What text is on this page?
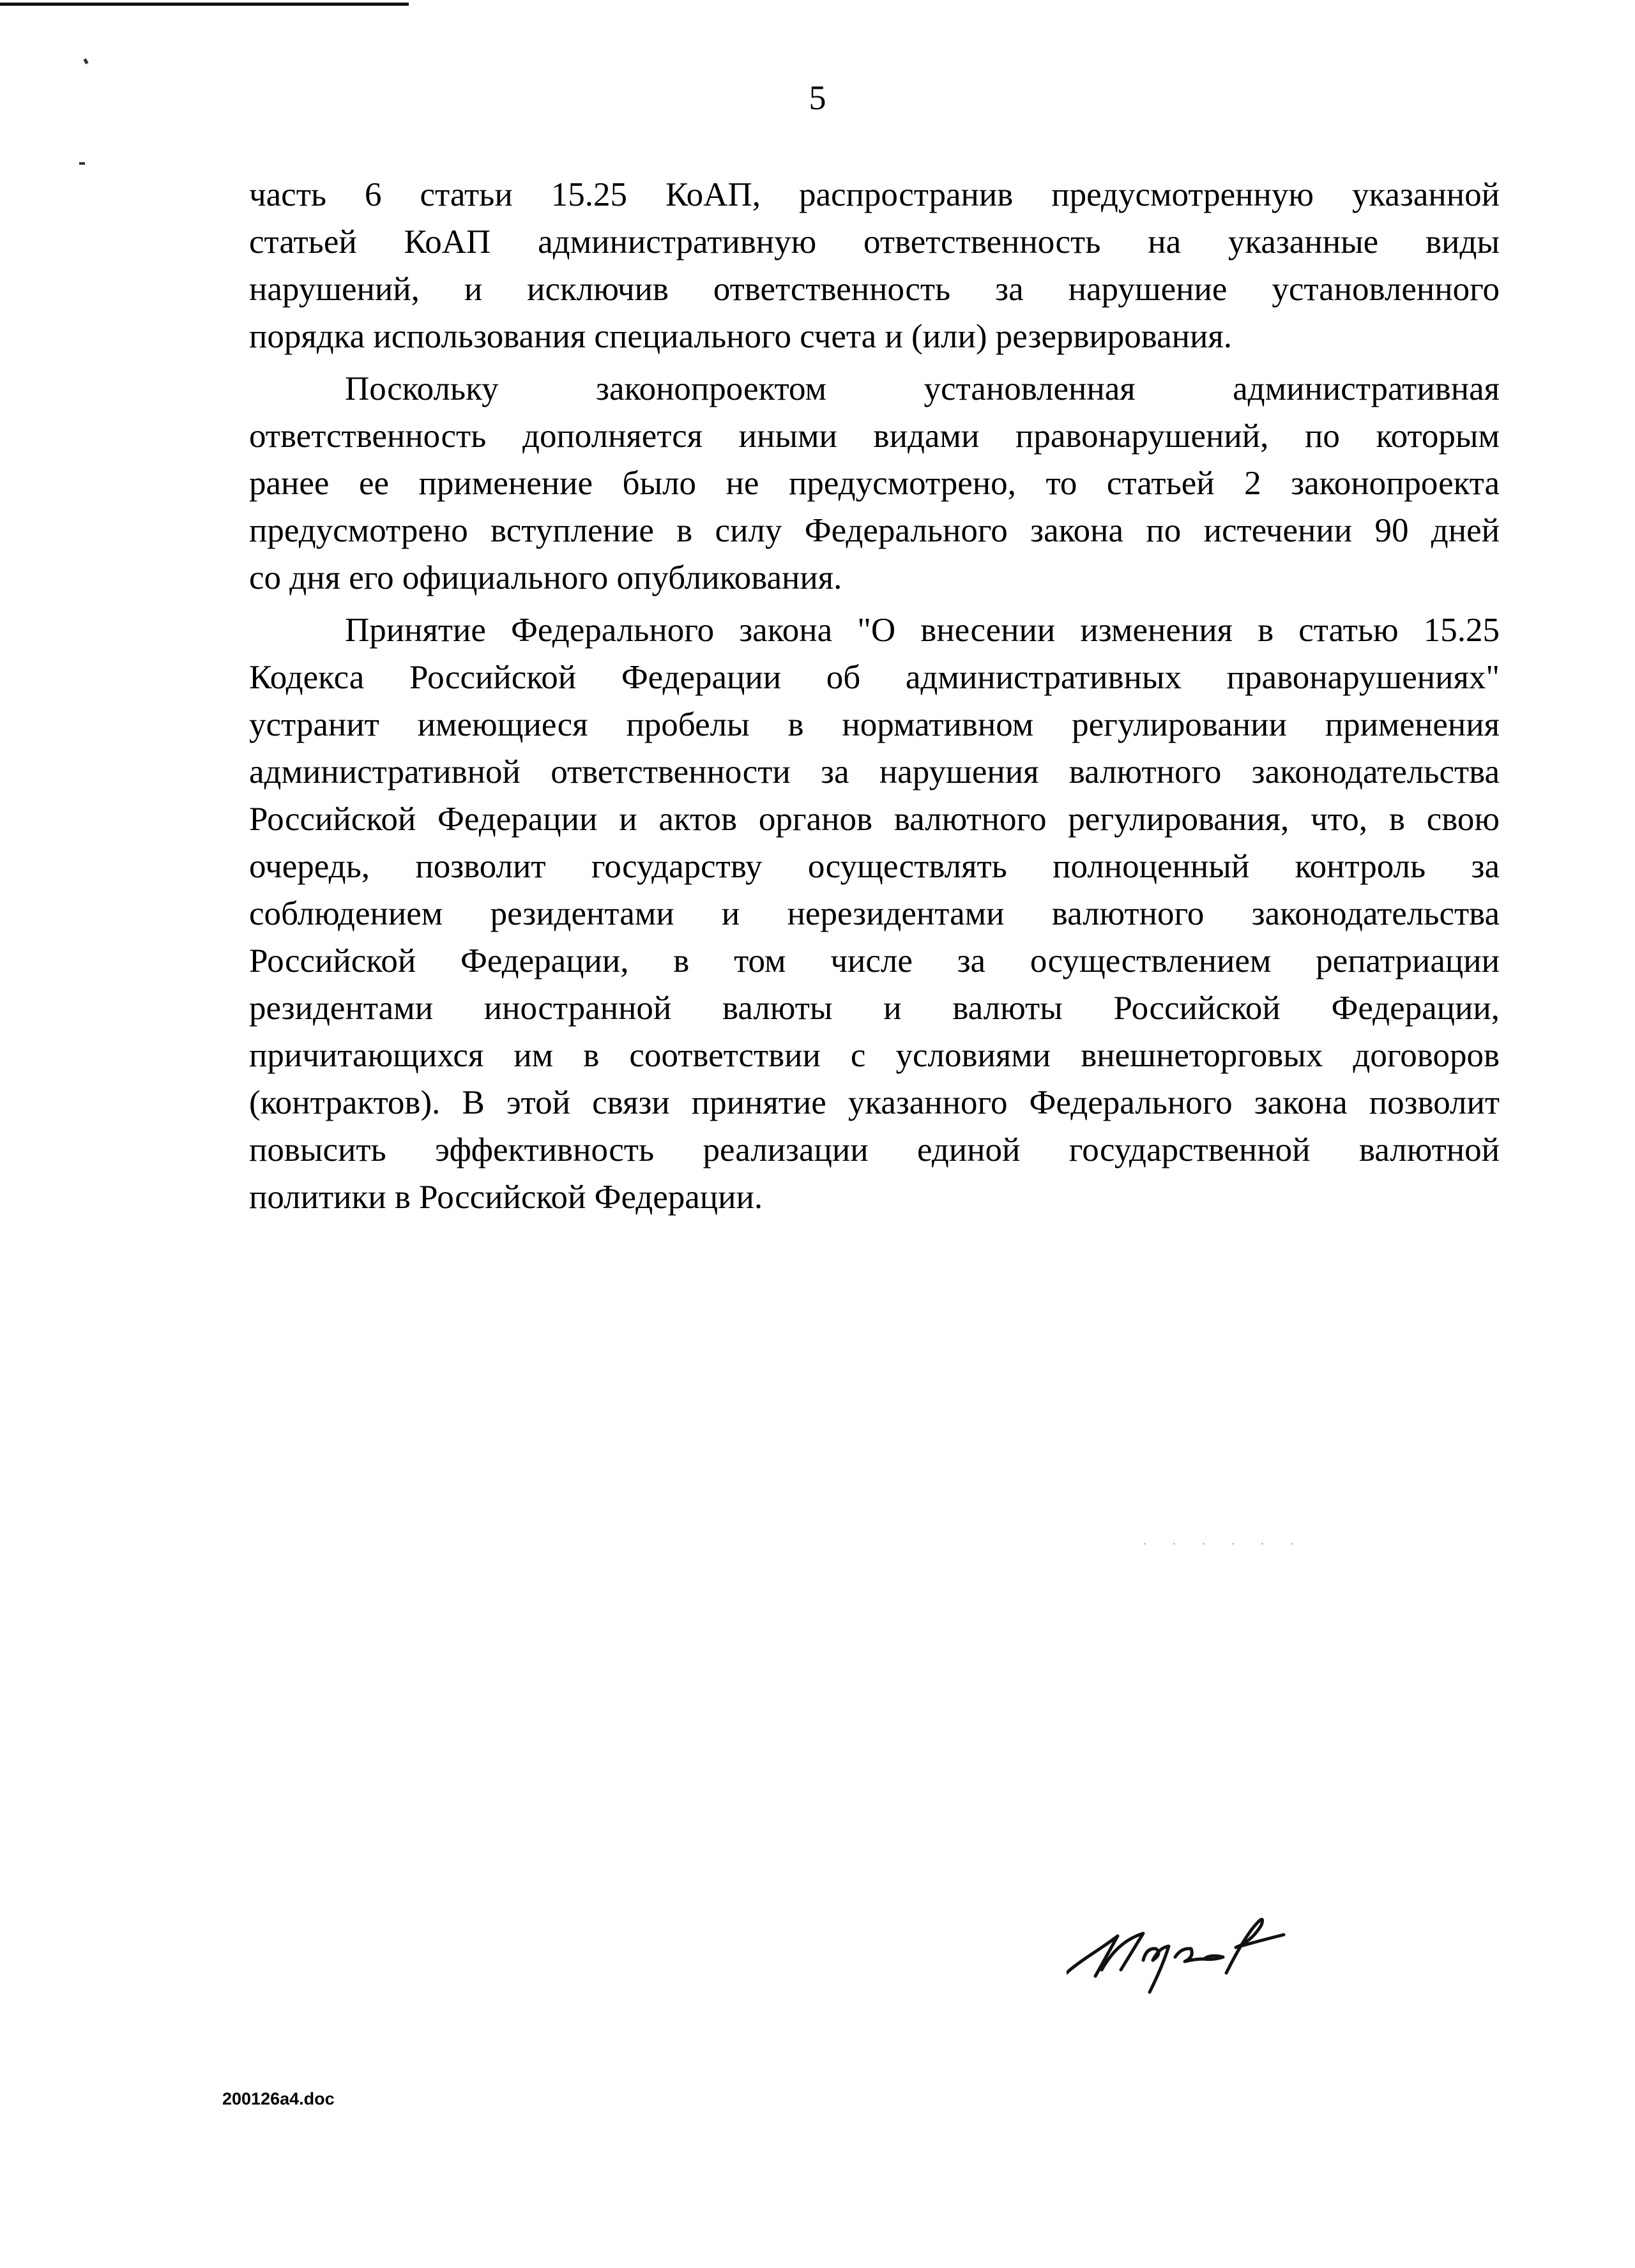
5
часть 6 статьи 15.25 КоАП, распространив предусмотренную указанной
статьей КоАП административную ответственность на указанные виды
нарушений, и исключив ответственность за нарушение установленного
порядка использования специального счета и (или) резервирования.
Поскольку законопроектом установленная административная
ответственность дополняется иными видами правонарушений, по которым
ранее ее применение было не предусмотрено, то статьей 2 законопроекта
предусмотрено вступление в силу Федерального закона по истечении 90 дней
со дня его официального опубликования.
Принятие Федерального закона "О внесении изменения в статью 15.25
Кодекса Российской Федерации об административных правонарушениях"
устранит имеющиеся пробелы в нормативном регулировании применения
административной ответственности за нарушения валютного законодательства
Российской Федерации и актов органов валютного регулирования, что, в свою
очередь, позволит государству осуществлять полноценный контроль за
соблюдением резидентами и нерезидентами валютного законодательства
Российской Федерации, в том числе за осуществлением репатриации
резидентами иностранной валюты и валюты Российской Федерации,
причитающихся им в соответствии с условиями внешнеторговых договоров
(контрактов). В этой связи принятие указанного Федерального закона позволит
повысить эффективность реализации единой государственной валютной
политики в Российской Федерации.
. . . . . .
200126a4.doc
